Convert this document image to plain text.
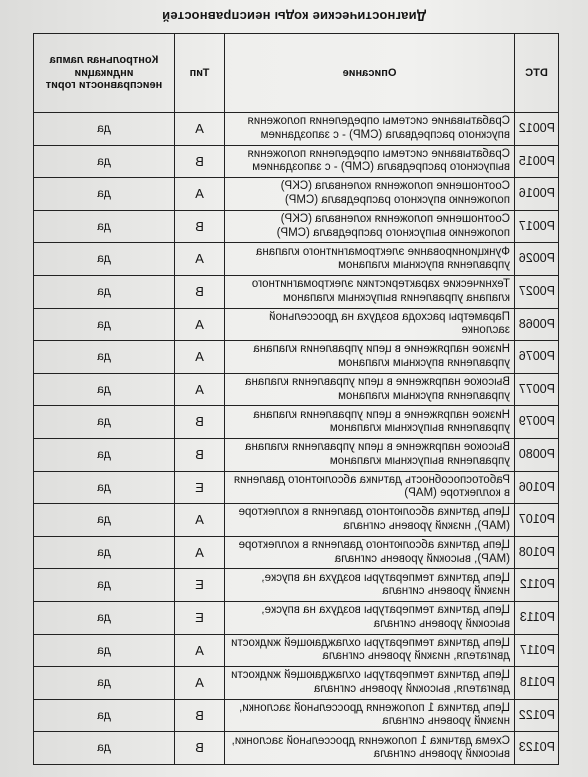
Диагностические коды неисправностей
DTC	Описание	Тип	Контрольная лампа индикации неисправности горит
P0012	Срабатывание системы определения положения впускного распредвала (CMP) - с запозданием	A	да
P0015	Срабатывание системы определения положения выпускного распредвала (CMP) - с запозданием	B	да
P0016	Соотношение положения коленвала (CKP) положению впускного распредвала (CMP)	A	да
P0017	Соотношение положения коленвала (CKP) положению выпускного распредвала (CMP)	B	да
P0026	Функционирование электромагнитного клапана управления впускным клапаном	A	да
P0027	Технические характеристики электромагнитного клапана управления выпускным клапаном	B	да
P0068	Параметры расхода воздуха на дроссельной заслонке	A	да
P0076	Низкое напряжение в цепи управления клапана управления впускным клапаном	A	да
P0077	Высокое напряжение в цепи управления клапана управления впускным клапаном	A	да
P0079	Низкое напряжение в цепи управления клапана управления выпускным клапаном	B	да
P0080	Высокое напряжение в цепи управления клапана управления выпускным клапаном	B	да
P0106	Работоспособность датчика абсолютного давления в коллекторе (MAP)	E	да
P0107	Цепь датчика абсолютного давления в коллекторе (MAP), низкий уровень сигнала	A	да
P0108	Цепь датчика абсолютного давления в коллекторе (MAP), высокий уровень сигнала	A	да
P0112	Цепь датчика температуры воздуха на впуске, низкий уровень сигнала	E	да
P0113	Цепь датчика температуры воздуха на впуске, высокий уровень сигнала	E	да
P0117	Цепь датчика температуры охлаждающей жидкости двигателя, низкий уровень сигнала	A	да
P0118	Цепь датчика температуры охлаждающей жидкости двигателя, высокий уровень сигнала	A	да
P0122	Цепь датчика 1 положения дроссельной заслонки, низкий уровень сигнала	B	да
P0123	Схема датчика 1 положения дроссельной заслонки, высокий уровень сигнала	B	да
